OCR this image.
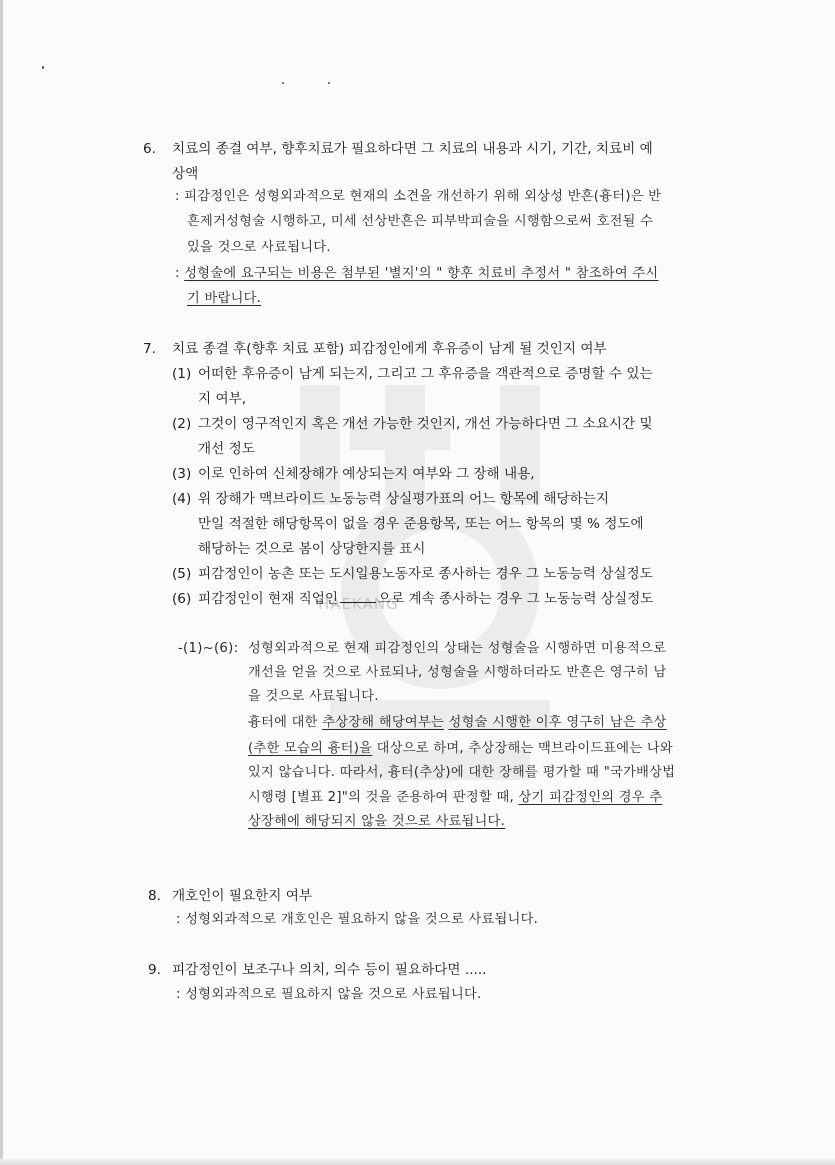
HAEKANG
6. 치료의 종결 여부, 향후치료가 필요하다면 그 치료의 내용과 시기, 기간, 치료비 예
상액
: 피감정인은 성형외과적으로 현재의 소견을 개선하기 위해 외상성 반흔(흉터)은 반
흔제거성형술 시행하고, 미세 선상반흔은 피부박피술을 시행함으로써 호전될 수
있을 것으로 사료됩니다.
: 성형술에 요구되는 비용은 첨부된 '별지'의 " 향후 치료비 추정서 " 참조하여 주시
기 바랍니다.
7. 치료 종결 후(향후 치료 포함) 피감정인에게 후유증이 남게 될 것인지 여부
(1) 어떠한 후유증이 남게 되는지, 그리고 그 후유증을 객관적으로 증명할 수 있는
지 여부,
(2) 그것이 영구적인지 혹은 개선 가능한 것인지, 개선 가능하다면 그 소요시간 및
개선 정도
(3) 이로 인하여 신체장해가 예상되는지 여부와 그 장해 내용,
(4) 위 장해가 맥브라이드 노동능력 상실평가표의 어느 항목에 해당하는지
만일 적절한 해당항목이 없을 경우 준용항목, 또는 어느 항목의 몇 % 정도에
해당하는 것으로 봄이 상당한지를 표시
(5) 피감정인이 농촌 또는 도시일용노동자로 종사하는 경우 그 노동능력 상실정도
(6) 피감정인이 현재 직업인	으로 계속 종사하는 경우 그 노동능력 상실정도
-(1)~(6): 성형외과적으로 현재 피감정인의 상태는 성형술을 시행하면 미용적으로
개선을 얻을 것으로 사료되나, 성형술을 시행하더라도 반흔은 영구히 남
을 것으로 사료됩니다.
흉터에 대한 추상장해 해당여부는 성형술 시행한 이후 영구히 남은 추상
(추한 모습의 흉터)을 대상으로 하며, 추상장해는 맥브라이드표에는 나와
있지 않습니다. 따라서, 흉터(추상)에 대한 장해를 평가할 때 "국가배상법
시행령 [별표 2]"의 것을 준용하여 판정할 때, 상기 피감정인의 경우 추
상장해에 해당되지 않을 것으로 사료됩니다.
8. 개호인이 필요한지 여부
: 성형외과적으로 개호인은 필요하지 않을 것으로 사료됩니다.
9. 피감정인이 보조구나 의치, 의수 등이 필요하다면 .....
: 성형외과적으로 필요하지 않을 것으로 사료됩니다.
